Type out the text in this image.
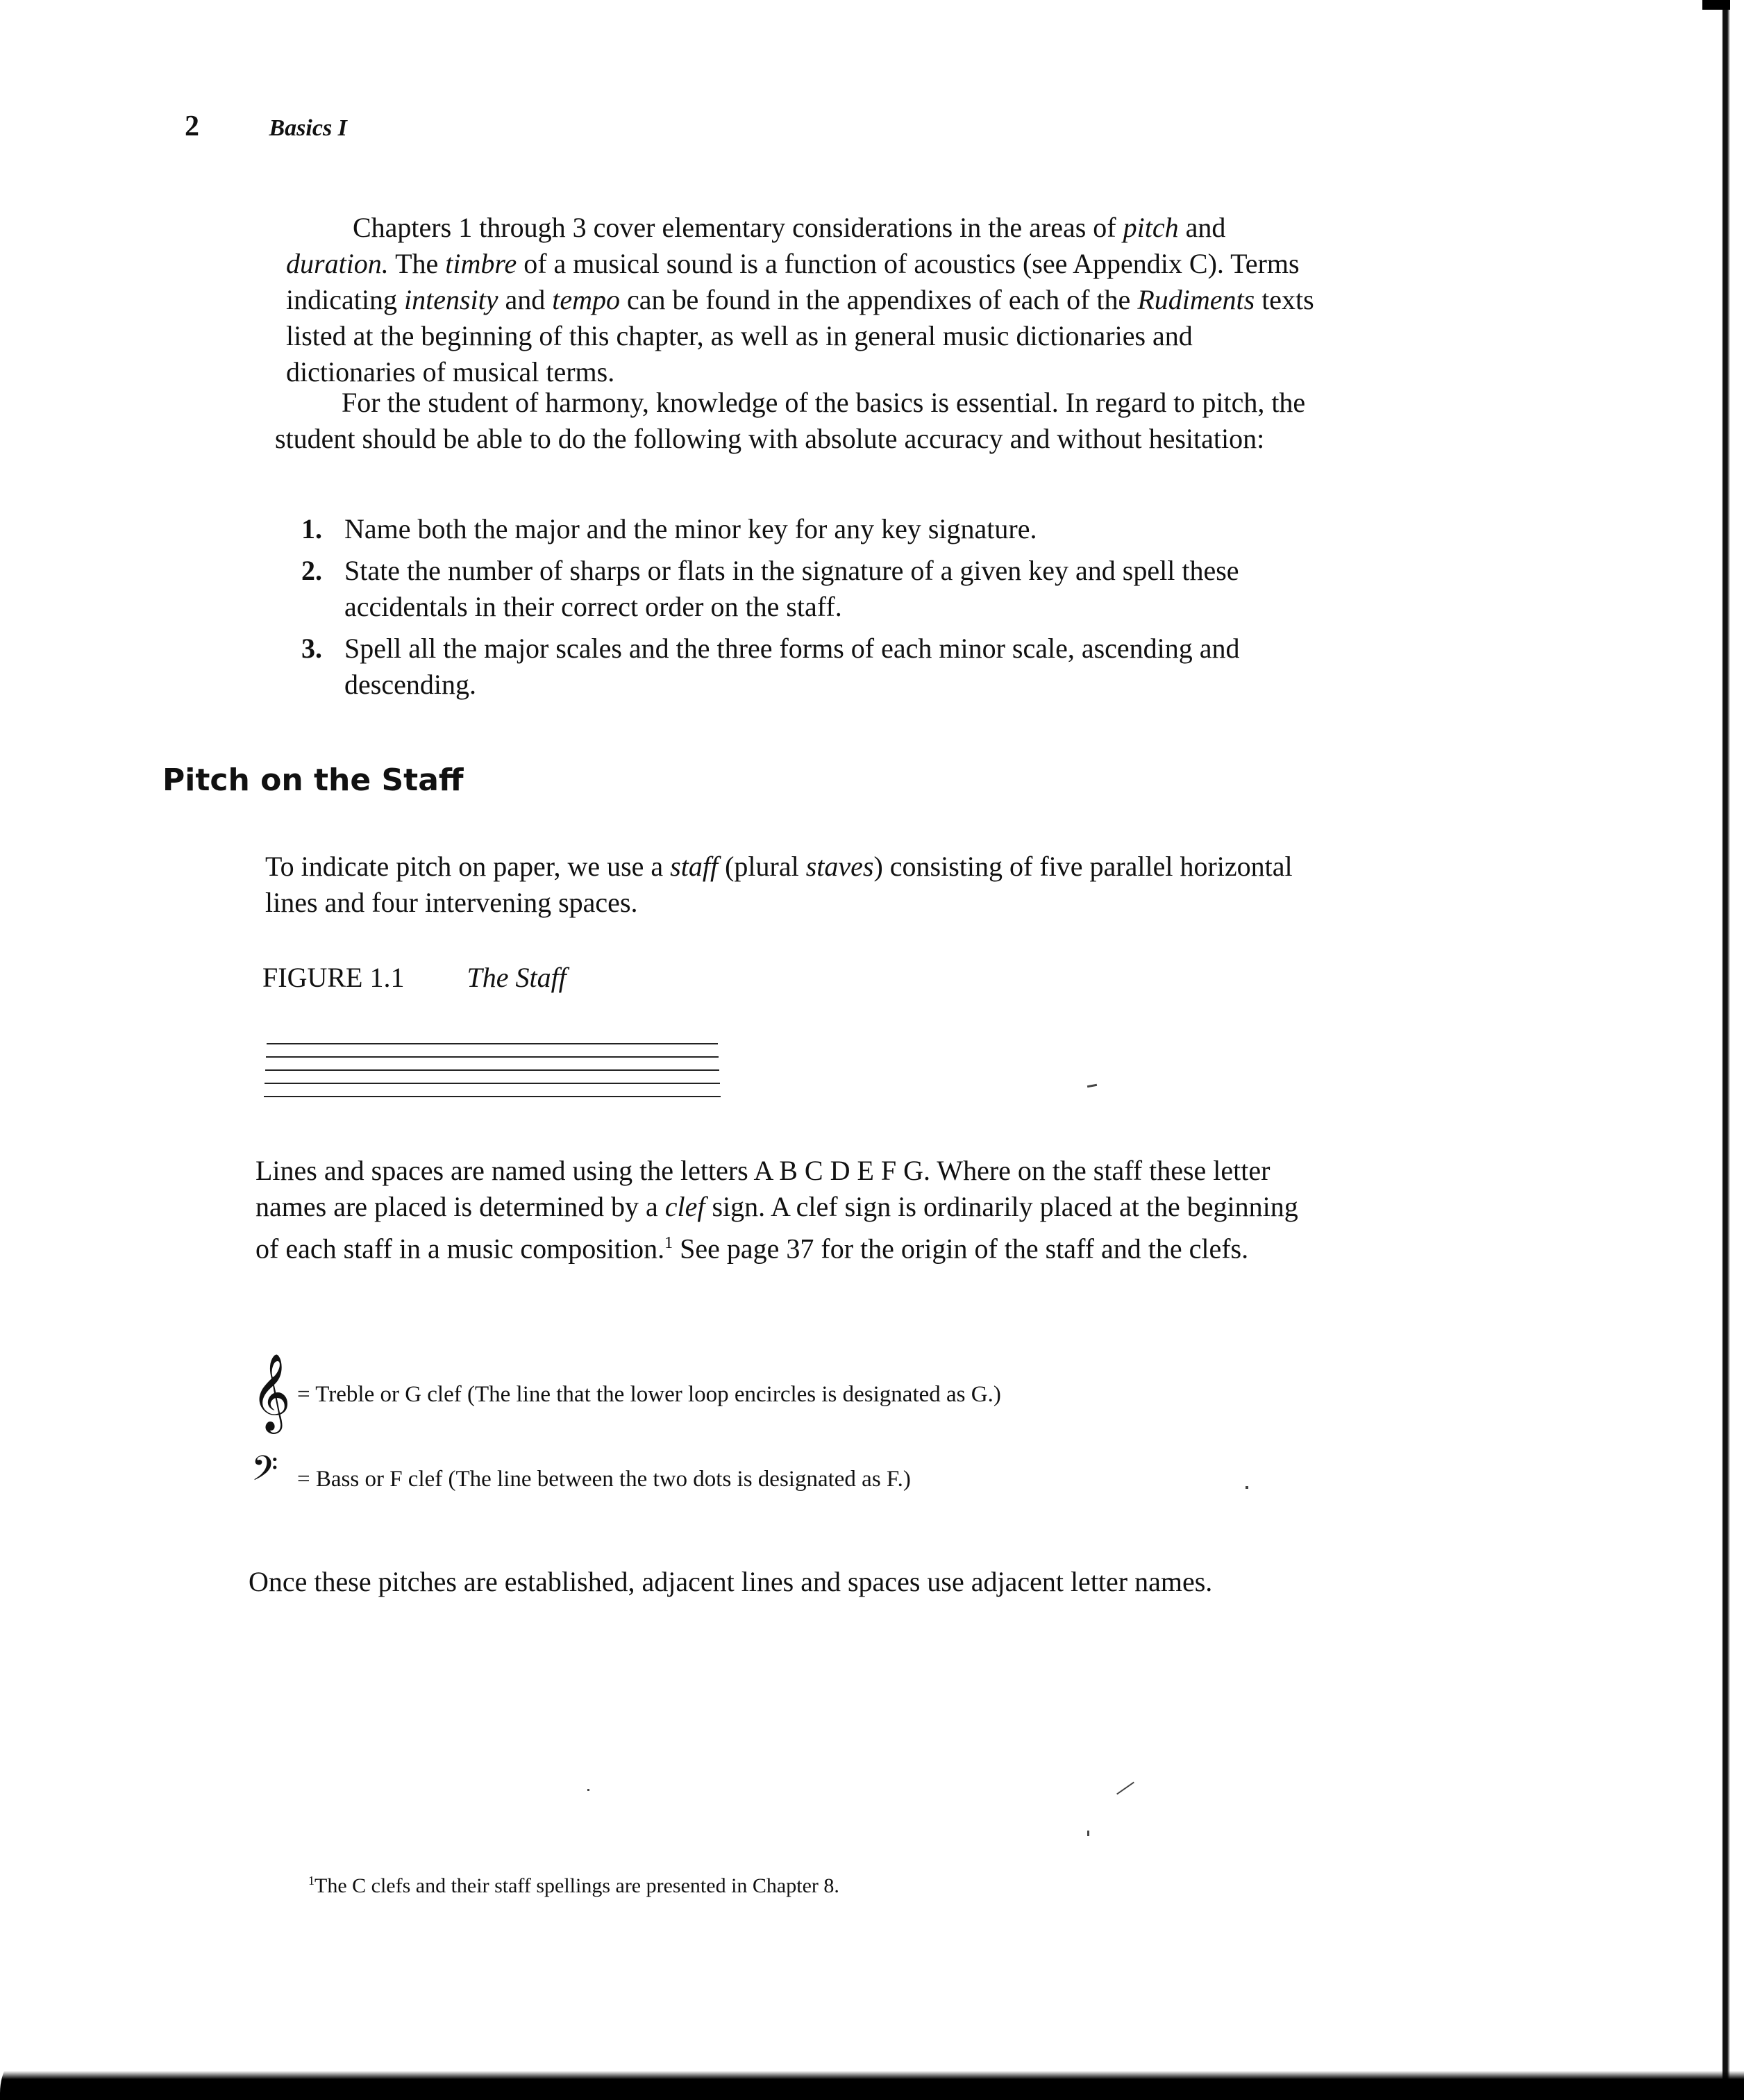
2	Basics I
Chapters 1 through 3 cover elementary considerations in the areas of pitch and duration. The timbre of a musical sound is a function of acoustics (see Appendix C). Terms indicating intensity and tempo can be found in the appendixes of each of the Rudiments texts listed at the beginning of this chapter, as well as in general music dictionaries and dictionaries of musical terms.
For the student of harmony, knowledge of the basics is essential. In regard to pitch, the student should be able to do the following with absolute accuracy and without hesitation:
1. Name both the major and the minor key for any key signature.
2. State the number of sharps or flats in the signature of a given key and spell these accidentals in their correct order on the staff.
3. Spell all the major scales and the three forms of each minor scale, ascending and descending.
Pitch on the Staff
To indicate pitch on paper, we use a staff (plural staves) consisting of five parallel horizontal lines and four intervening spaces.
FIGURE 1.1 The Staff
Lines and spaces are named using the letters A B C D E F G. Where on the staff these letter names are placed is determined by a clef sign. A clef sign is ordinarily placed at the beginning of each staff in a music composition.$^1$ See page 37 for the origin of the staff and the clefs.
𝄞 = Treble or G clef (The line that the lower loop encircles is designated as G.)
𝄢 = Bass or F clef (The line between the two dots is designated as F.)
Once these pitches are established, adjacent lines and spaces use adjacent letter names.
$^1$The C clefs and their staff spellings are presented in Chapter 8.
